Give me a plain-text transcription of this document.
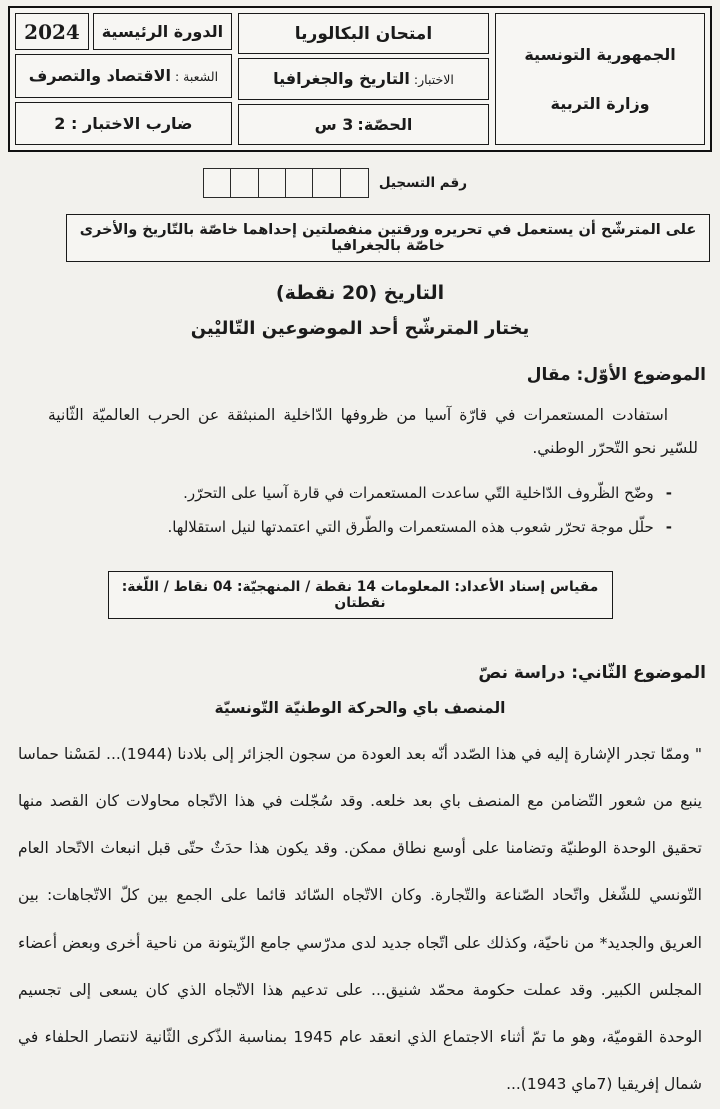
الجمهورية التونسية
وزارة التربية
امتحان البكالوريا
الاختبار:
التاريخ والجغرافيا
الحصّة:
3 س
الدورة الرئيسية
2024
الشعبة :
الاقتصاد والتصرف
ضارب الاختبار : 2
رقم التسجيل
على المترشّح أن يستعمل في تحريره ورقتين منفصلتين إحداهما خاصّة بالتّاريخ والأخرى خاصّة بالجغرافيا
التاريخ (20 نقطة)
يختار المترشّح أحد الموضوعين التّاليْين
الموضوع الأوّل: مقال

استفادت المستعمرات في قارّة آسيا من ظروفها الدّاخلية المنبثقة عن الحرب العالميّة الثّانية للسّير نحو التّحرّر الوطني.

-
وضّح الظّروف الدّاخلية التّي ساعدت المستعمرات في قارة آسيا على التحرّر.
-
حلّل موجة تحرّر شعوب هذه المستعمرات والطّرق التي اعتمدتها لنيل استقلالها.
مقياس إسناد الأعداد: المعلومات 14 نقطة / المنهجيّة: 04 نقاط / اللّغة: نقطتان
الموضوع الثّاني: دراسة نصّ
المنصف باي والحركة الوطنيّة التّونسيّة

" وممّا تجدر الإشارة إليه في هذا الصّدد أنّه بعد العودة من سجون الجزائر إلى بلادنا (1944)... لمَسْنا حماسا ينبع من شعور التّضامن مع المنصف باي بعد خلعه. وقد سُجّلت في هذا الاتّجاه محاولات كان القصد منها تحقيق الوحدة الوطنيّة وتضامنا على أوسع نطاق ممكن. وقد يكون هذا حدَثٌ حتّى قبل انبعاث الاتّحاد العام التّونسي للشّغل واتّحاد الصّناعة والتّجارة. وكان الاتّجاه السّائد قائما على الجمع بين كلّ الاتّجاهات: بين العريق والجديد* من ناحيّة، وكذلك على اتّجاه جديد لدى مدرّسي جامع الزّيتونة من ناحية أخرى وبعض أعضاء المجلس الكبير. وقد عملت حكومة محمّد شنيق... على تدعيم هذا الاتّجاه الذي كان يسعى إلى تجسيم الوحدة القوميّة، وهو ما تمّ أثناء الاجتماع الذي انعقد عام 1945 بمناسبة الذّكرى الثّانية لانتصار الحلفاء في شمال إفريقيا (7ماي 1943)...
